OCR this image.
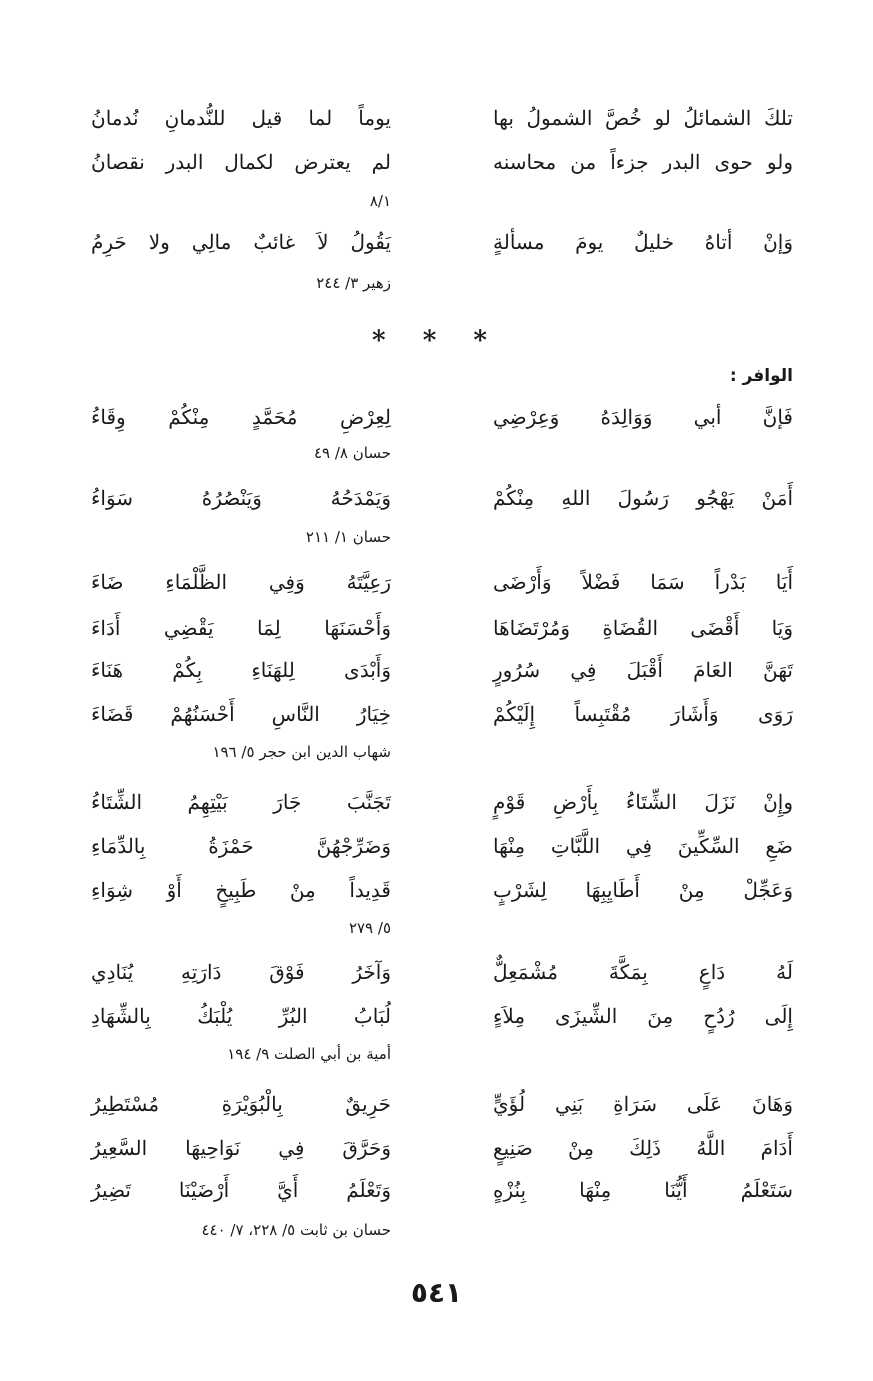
تلكَ الشمائلُ لو خُصَّ الشمولُ بها
يوماً لما قيل للنُّدمانِ نُدمانُ
ولو حوى البدر جزءاً من محاسنه
لم يعترض لكمال البدر نقصانُ
٨/١
وَإنْ أتاهُ خليلٌ يومَ مسألةٍ
يَقُولُ لاَ غائبٌ مالِي ولا حَرِمُ
زهير ٣/ ٢٤٤
* * *
الوافر :
فَإنَّ أبي وَوَالِدَهُ وَعِرْضِي
لِعِرْضِ مُحَمَّدٍ مِنْكُمْ وِقَاءُ
حسان ٨/ ٤٩
أَمَنْ يَهْجُو رَسُولَ اللهِ مِنْكُمْ
وَيَمْدَحُهُ وَيَنْصُرُهُ سَوَاءُ
حسان ١/ ٢١١
أَيَا بَدْراً سَمَا فَضْلاً وَأَرْضَى
رَعِيَّتَهُ وَفِي الظَّلْمَاءِ ضَاءَ
وَيَا أَقْضَى القُضَاةِ وَمُرْتَضَاهَا
وَأَحْسَنَهَا لِمَا يَقْضِي أَدَاءَ
تَهَنَّ العَامَ أَقْبَلَ فِي سُرُورٍ
وَأَبْدَى لِلهَنَاءِ بِكُمْ هَنَاءَ
رَوَى وَأَشَارَ مُقْتَبِساً إِلَيْكُمْ
خِيَارُ النَّاسِ أَحْسَنُهُمْ قَضَاءَ
شهاب الدين ابن حجر ٥/ ١٩٦
وإِنْ نَزَلَ الشِّتَاءُ بِأَرْضِ قَوْمٍ
تَجَنَّبَ جَارَ بَيْتِهِمُ الشِّتَاءُ
ضَعِ السِّكِّينَ فِي اللَّبَّاتِ مِنْهَا
وَضَرِّجْهُنَّ حَمْزَةُ بِالدِّمَاءِ
وَعَجِّلْ مِنْ أَطَايِبِهَا لِشَرْبٍ
قَدِيداً مِنْ طَبِيخٍ أَوْ شِوَاءِ
٥/ ٢٧٩
لَهُ دَاعٍ بِمَكَّةَ مُشْمَعِلٌّ
وَآخَرُ فَوْقَ دَارَتِهِ يُنَادِي
إِلَى رُدُحٍ مِنَ الشِّيزَى مِلاَءٍ
لُبَابُ البُرِّ يُلْبَكُ بِالشِّهَادِ
أمية بن أبي الصلت ٩/ ١٩٤
وَهَانَ عَلَى سَرَاةِ بَنِي لُؤَيٍّ
حَرِيقٌ بِالْبُوَيْرَةِ مُسْتَطِيرُ
أَدَامَ اللَّهُ ذَلِكَ مِنْ صَنِيعٍ
وَحَرَّقَ فِي نَوَاحِيهَا السَّعِيرُ
سَتَعْلَمُ أَيُّنَا مِنْهَا بِنُزْهٍ
وَتَعْلَمُ أَيَّ أَرْضَيْنَا تَضِيرُ
حسان بن ثابت ٥/ ٢٢٨، ٧/ ٤٤٠
٥٤١
